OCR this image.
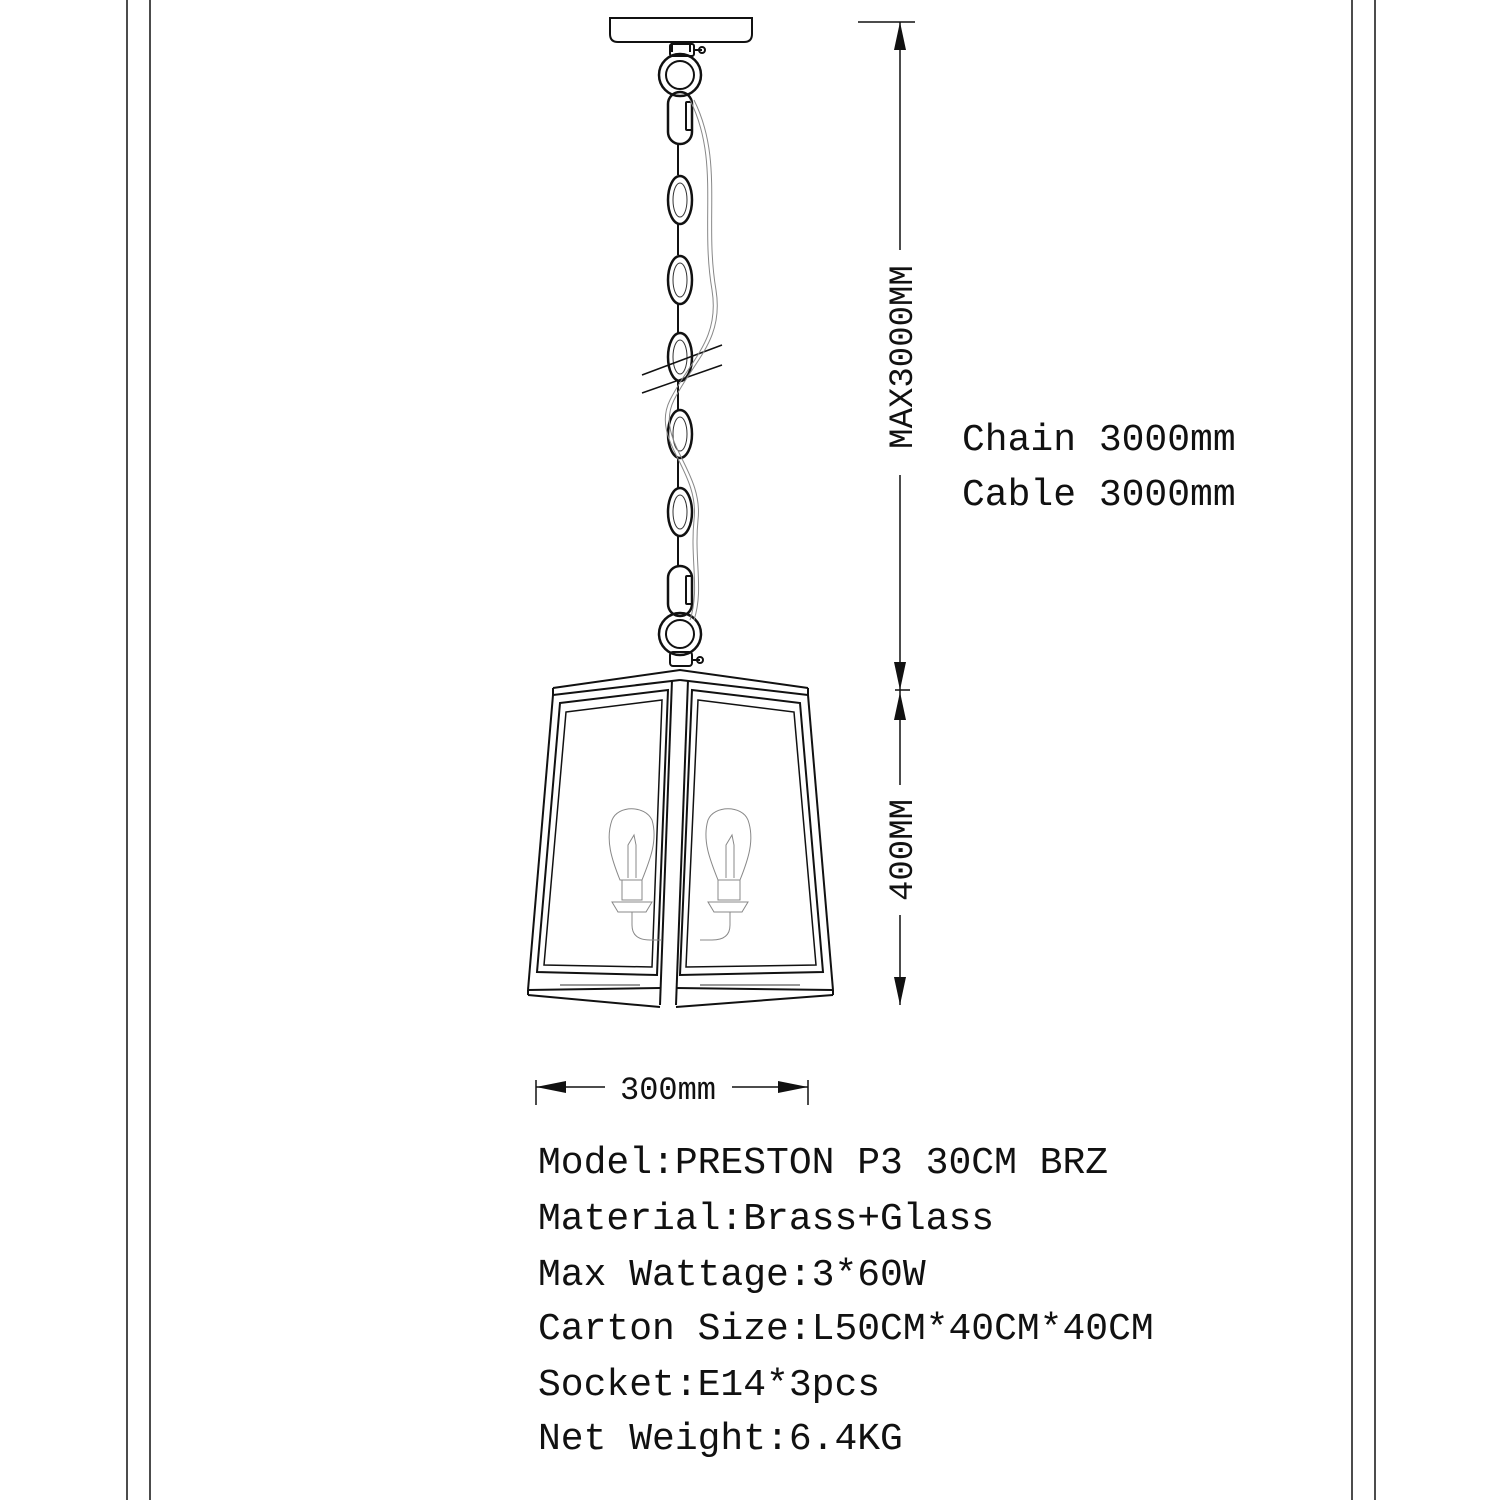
MAX3000MM
400MM
300mm
Chain 3000mm
Cable 3000mm
Model:PRESTON P3 30CM BRZ
Material:Brass+Glass
Max Wattage:3*60W
Carton Size:L50CM*40CM*40CM
Socket:E14*3pcs
Net Weight:6.4KG
